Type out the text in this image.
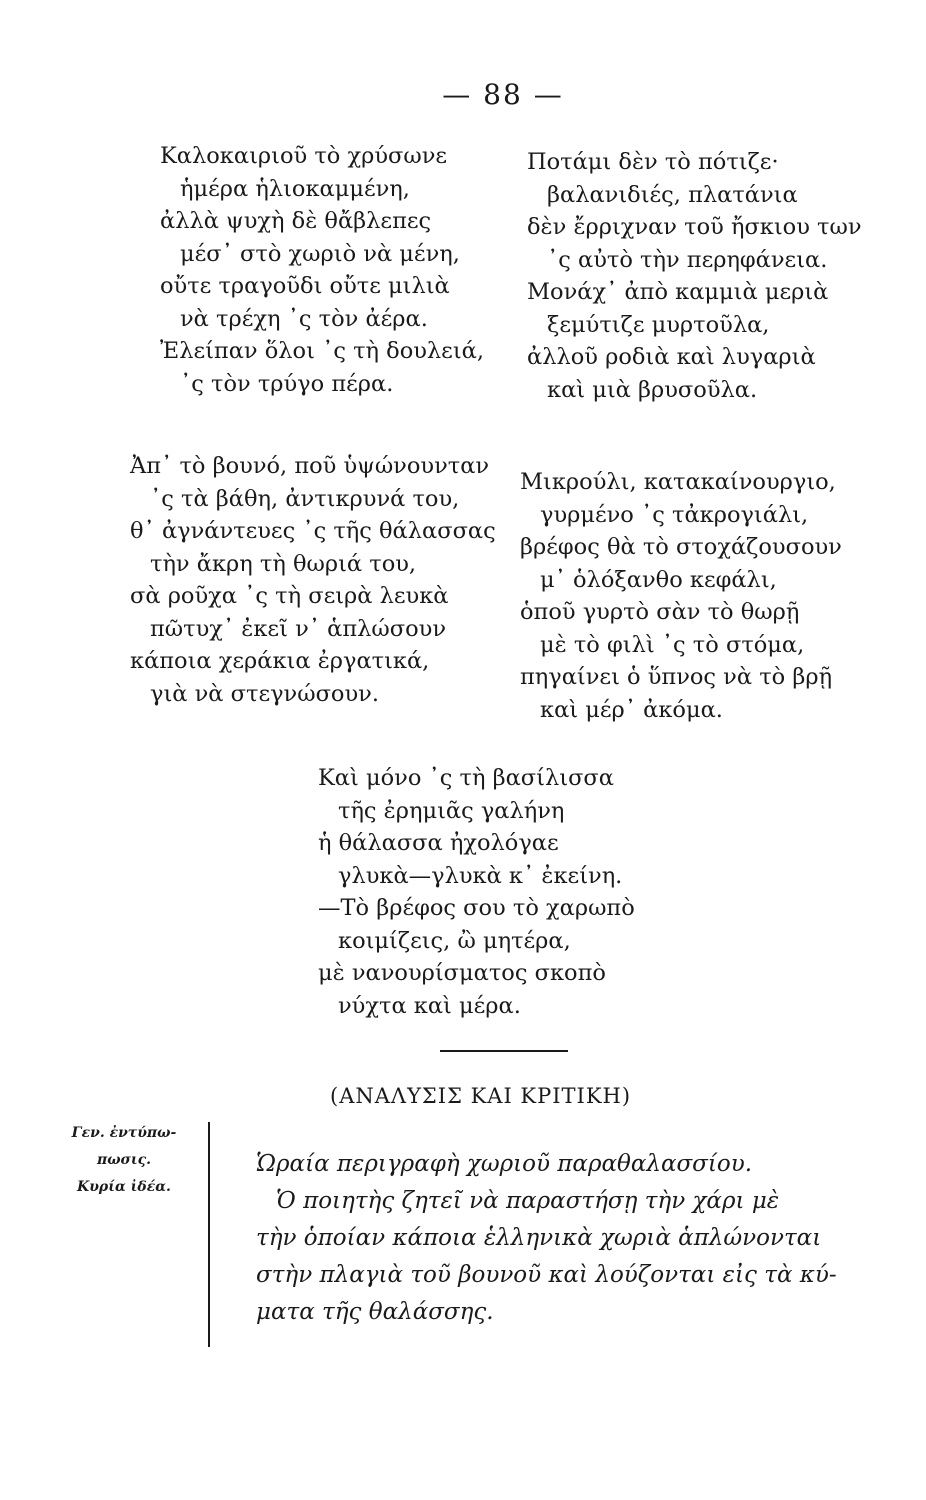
— 88 —
Καλοκαιριοῦ τὸ χρύσωνε
ἡμέρα ἡλιοκαμμένη,
ἀλλὰ ψυχὴ δὲ θἄβλεπες
μέσ᾿ στὸ χωριὸ νὰ μένη,
οὔτε τραγοῦδι οὔτε μιλιὰ
νὰ τρέχη ᾿ς τὸν ἀέρα.
Ἐλείπαν ὅλοι ᾿ς τὴ δουλειά,
᾿ς τὸν τρύγο πέρα.
Ποτάμι δὲν τὸ πότιζε·
βαλανιδιές, πλατάνια
δὲν ἔρριχναν τοῦ ἤσκιου των
᾿ς αὐτὸ τὴν περηφάνεια.
Μονάχ᾿ ἀπὸ καμμιὰ μεριὰ
ξεμύτιζε μυρτοῦλα,
ἀλλοῦ ροδιὰ καὶ λυγαριὰ
καὶ μιὰ βρυσοῦλα.
Ἀπ᾿ τὸ βουνό, ποῦ ὑψώνουνταν
᾿ς τὰ βάθη, ἀντικρυνά του,
θ᾿ ἀγνάντευες ᾿ς τῆς θάλασσας
τὴν ἄκρη τὴ θωριά του,
σὰ ροῦχα ᾿ς τὴ σειρὰ λευκὰ
πῶτυχ᾿ ἐκεῖ ν᾿ ἁπλώσουν
κάποια χεράκια ἐργατικά,
γιὰ νὰ στεγνώσουν.
Μικρούλι, κατακαίνουργιο,
γυρμένο ᾿ς τἀκρογιάλι,
βρέφος θὰ τὸ στοχάζουσουν
μ᾿ ὁλόξανθο κεφάλι,
ὁποῦ γυρτὸ σὰν τὸ θωρῇ
μὲ τὸ φιλὶ ᾿ς τὸ στόμα,
πηγαίνει ὁ ὕπνος νὰ τὸ βρῇ
καὶ μέρ᾿ ἀκόμα.
Καὶ μόνο ᾿ς τὴ βασίλισσα
τῆς ἐρημιᾶς γαλήνη
ἡ θάλασσα ἠχολόγαε
γλυκὰ—γλυκὰ κ᾿ ἐκείνη.
—Τὸ βρέφος σου τὸ χαρωπὸ
κοιμίζεις, ὢ μητέρα,
μὲ νανουρίσματος σκοπὸ
νύχτα καὶ μέρα.
(ΑΝΑΛΥΣΙΣ ΚΑΙ ΚΡΙΤΙΚΗ)
Γεν. ἐντύπω-
πωσις.
Κυρία ἰδέα.
Ὡραία περιγραφὴ χωριοῦ παραθαλασσίου.
Ὁ ποιητὴς ζητεῖ νὰ παραστήσῃ τὴν χάρι μὲ
τὴν ὁποίαν κάποια ἑλληνικὰ χωριὰ ἁπλώνονται
στὴν πλαγιὰ τοῦ βουνοῦ καὶ λούζονται εἰς τὰ κύ-
ματα τῆς θαλάσσης.
